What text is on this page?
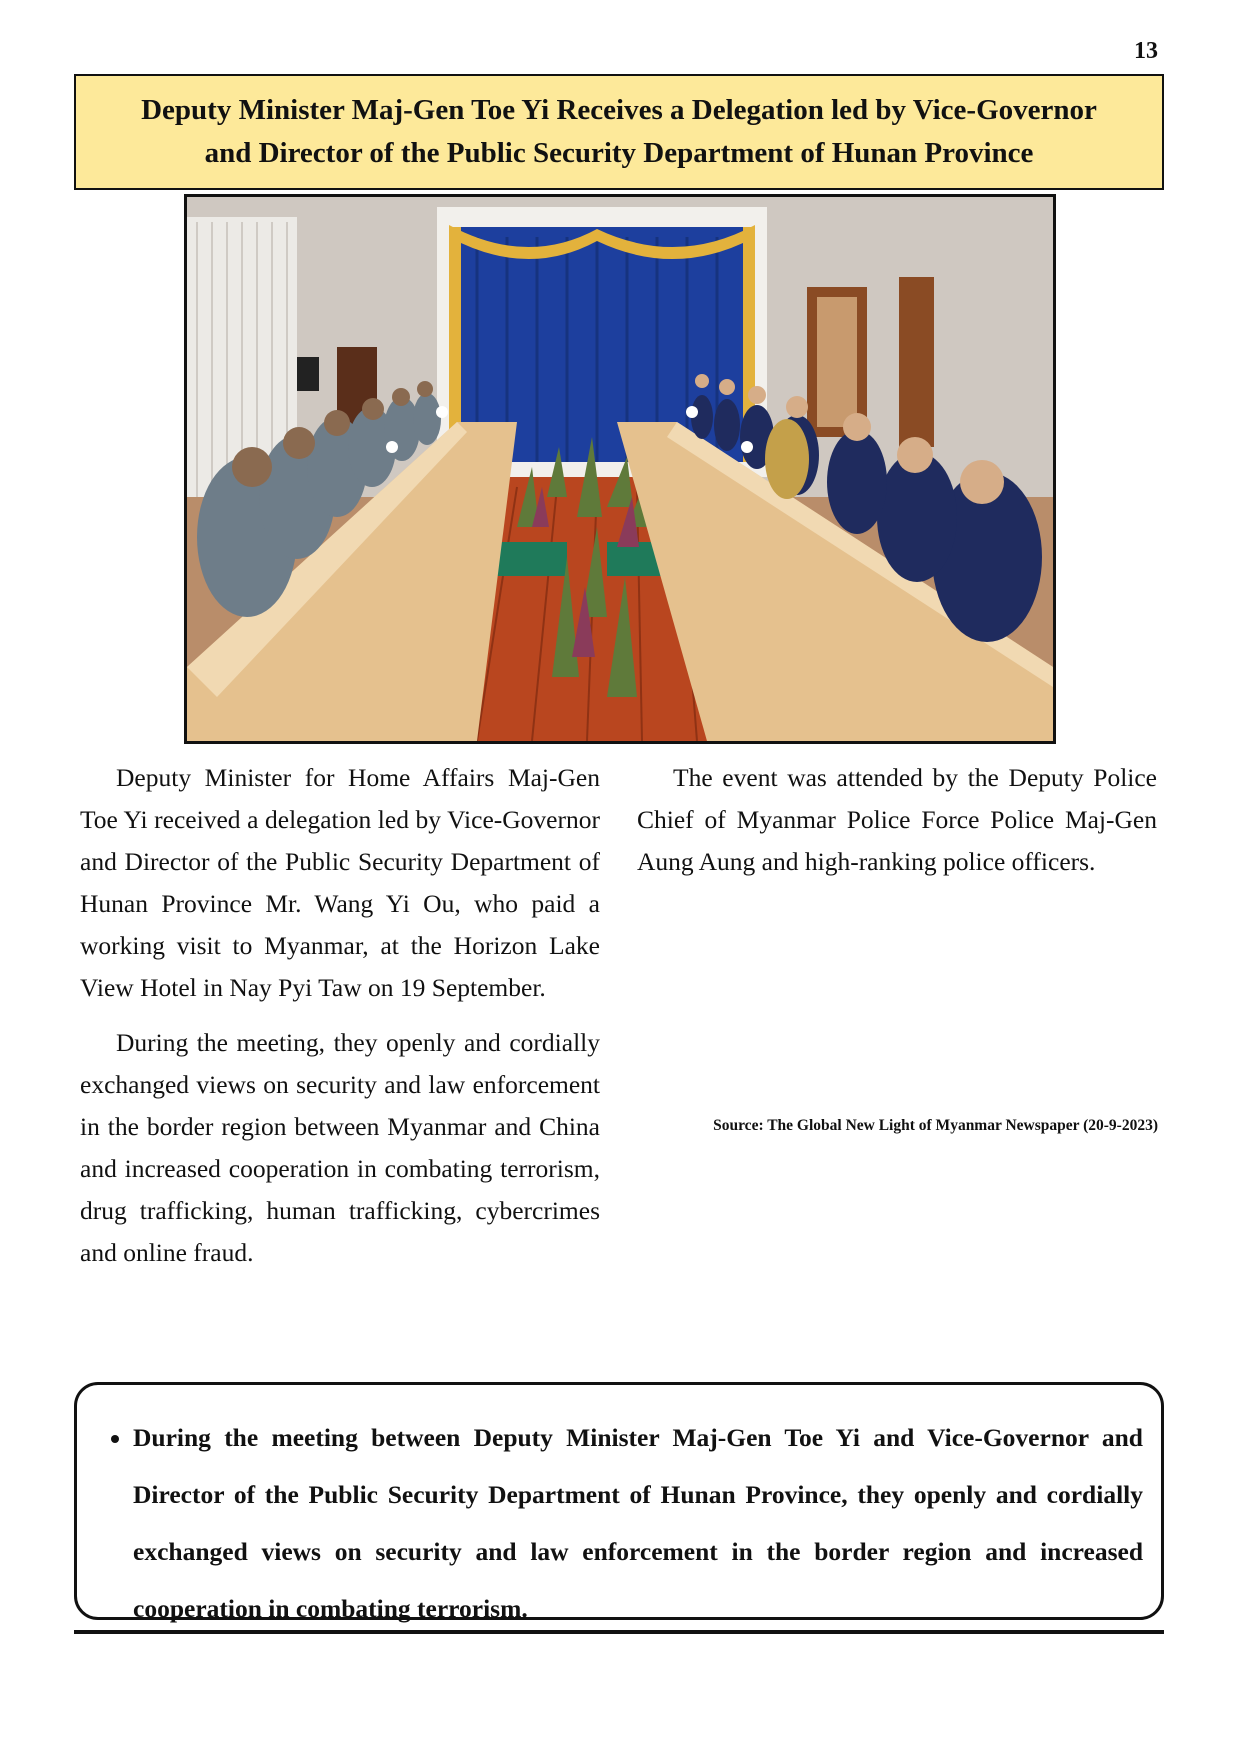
13
Deputy Minister Maj-Gen Toe Yi Receives a Delegation led by Vice-Governor
and Director of the Public Security Department of Hunan Province

Deputy Minister for Home Affairs Maj-Gen Toe Yi received a delegation led by Vice-Governor and Director of the Public Security Department of Hunan Province Mr. Wang Yi Ou, who paid a working visit to Myanmar, at the Horizon Lake View Hotel in Nay Pyi Taw on 19 September.

During the meeting, they openly and cordially exchanged views on security and law enforcement in the border region between Myanmar and China and increased cooperation in combating terrorism, drug trafficking, human trafficking, cybercrimes and online fraud.

The event was attended by the Deputy Police Chief of Myanmar Police Force Police Maj-Gen Aung Aung and high-ranking police officers.

Source: The Global New Light of Myanmar Newspaper (20-9-2023)
• During the meeting between Deputy Minister Maj-Gen Toe Yi and Vice-Governor and Director of the Public Security Department of Hunan Province, they openly and cordially exchanged views on security and law enforcement in the border region and increased cooperation in combating terrorism.
